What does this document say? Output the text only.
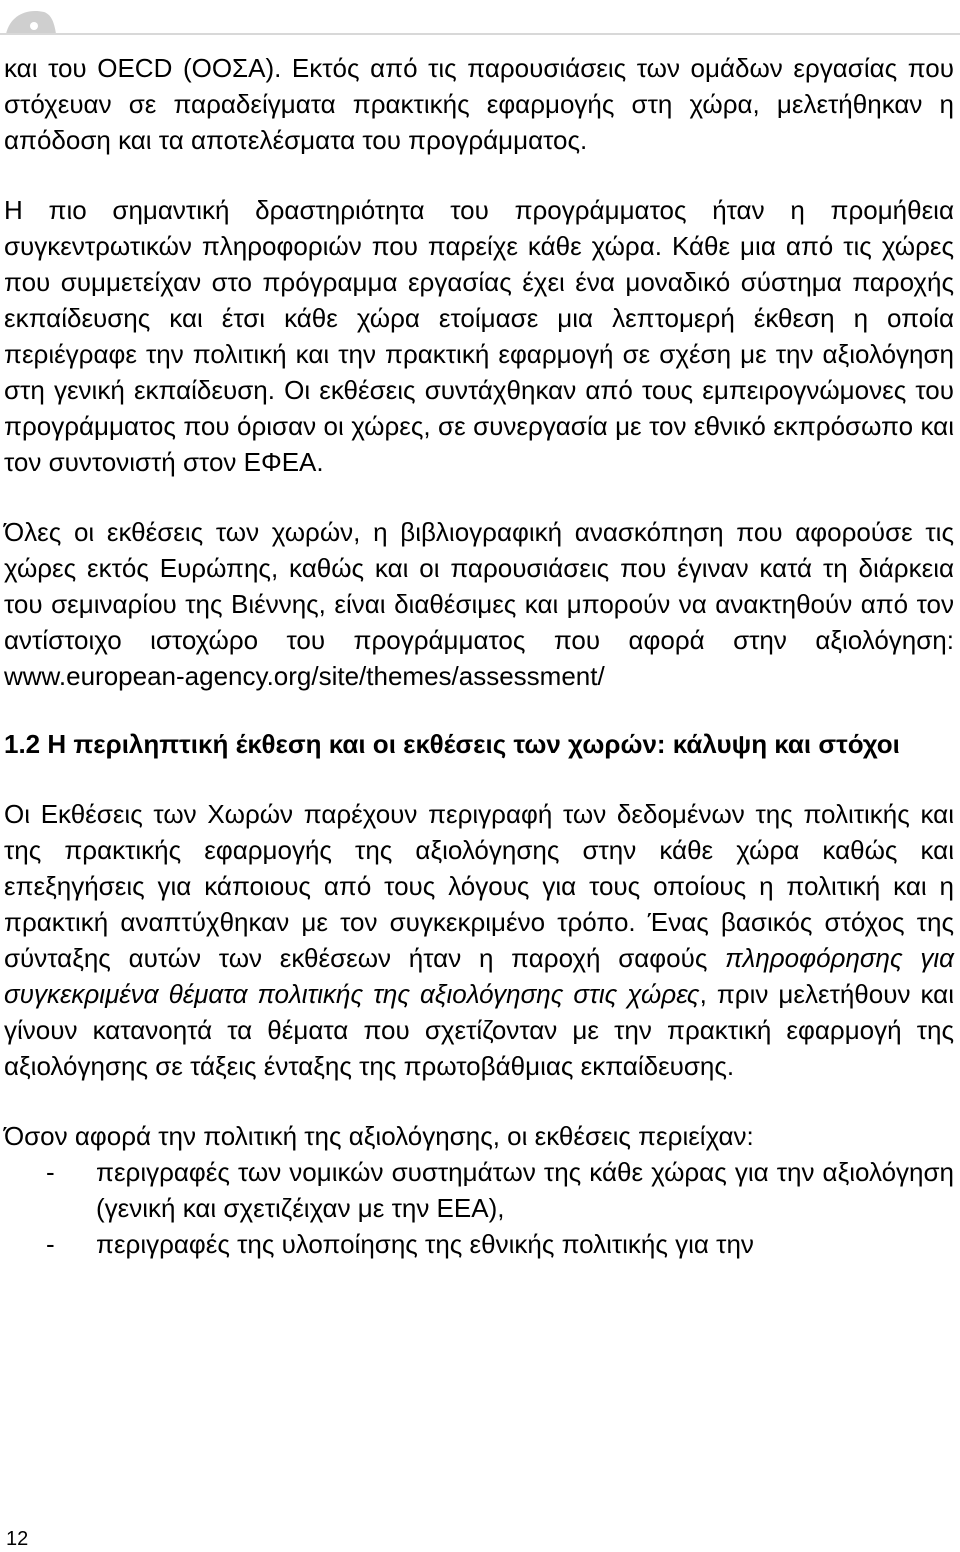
και του OECD (ΟΟΣΑ). Εκτός από τις παρουσιάσεις των ομάδων εργασίας που στόχευαν σε παραδείγματα πρακτικής εφαρμογής στη χώρα, μελετήθηκαν η απόδοση και τα αποτελέσματα του προγράμματος.

Η πιο σημαντική δραστηριότητα του προγράμματος ήταν η προμήθεια συγκεντρωτικών πληροφοριών που παρείχε κάθε χώρα. Κάθε μια από τις χώρες που συμμετείχαν στο πρόγραμμα εργασίας έχει ένα μοναδικό σύστημα παροχής εκπαίδευσης και έτσι κάθε χώρα ετοίμασε μια λεπτομερή έκθεση η οποία περιέγραφε την πολιτική και την πρακτική εφαρμογή σε σχέση με την αξιολόγηση στη γενική εκπαίδευση. Οι εκθέσεις συντάχθηκαν από τους εμπειρογνώμονες του προγράμματος που όρισαν οι χώρες, σε συνεργασία με τον εθνικό εκπρόσωπο και τον συντονιστή στον ΕΦΕΑ.

Όλες οι εκθέσεις των χωρών, η βιβλιογραφική ανασκόπηση που αφορούσε τις χώρες εκτός Ευρώπης, καθώς και οι παρουσιάσεις που έγιναν κατά τη διάρκεια του σεμιναρίου της Βιέννης, είναι διαθέσιμες και μπορούν να ανακτηθούν από τον αντίστοιχο ιστοχώρο του προγράμματος που αφορά στην αξιολόγηση: www.european-agency.org/site/themes/assessment/

1.2 Η περιληπτική έκθεση και οι εκθέσεις των χωρών: κάλυψη και στόχοι

Οι Εκθέσεις των Χωρών παρέχουν περιγραφή των δεδομένων της πολιτικής και της πρακτικής εφαρμογής της αξιολόγησης στην κάθε χώρα καθώς και επεξηγήσεις για κάποιους από τους λόγους για τους οποίους η πολιτική και η πρακτική αναπτύχθηκαν με τον συγκεκριμένο τρόπο. Ένας βασικός στόχος της σύνταξης αυτών των εκθέσεων ήταν η παροχή σαφούς πληροφόρησης για συγκεκριμένα θέματα πολιτικής της αξιολόγησης στις χώρες, πριν μελετήθουν και γίνουν κατανοητά τα θέματα που σχετίζονταν με την πρακτική εφαρμογή της αξιολόγησης σε τάξεις ένταξης της πρωτοβάθμιας εκπαίδευσης.

Όσον αφορά την πολιτική της αξιολόγησης, οι εκθέσεις περιείχαν:

- περιγραφές των νομικών συστημάτων της κάθε χώρας για την αξιολόγηση (γενική και σχετιζέιχαν με την ΕΕΑ),
- περιγραφές της υλοποίησης της εθνικής πολιτικής για την
12
